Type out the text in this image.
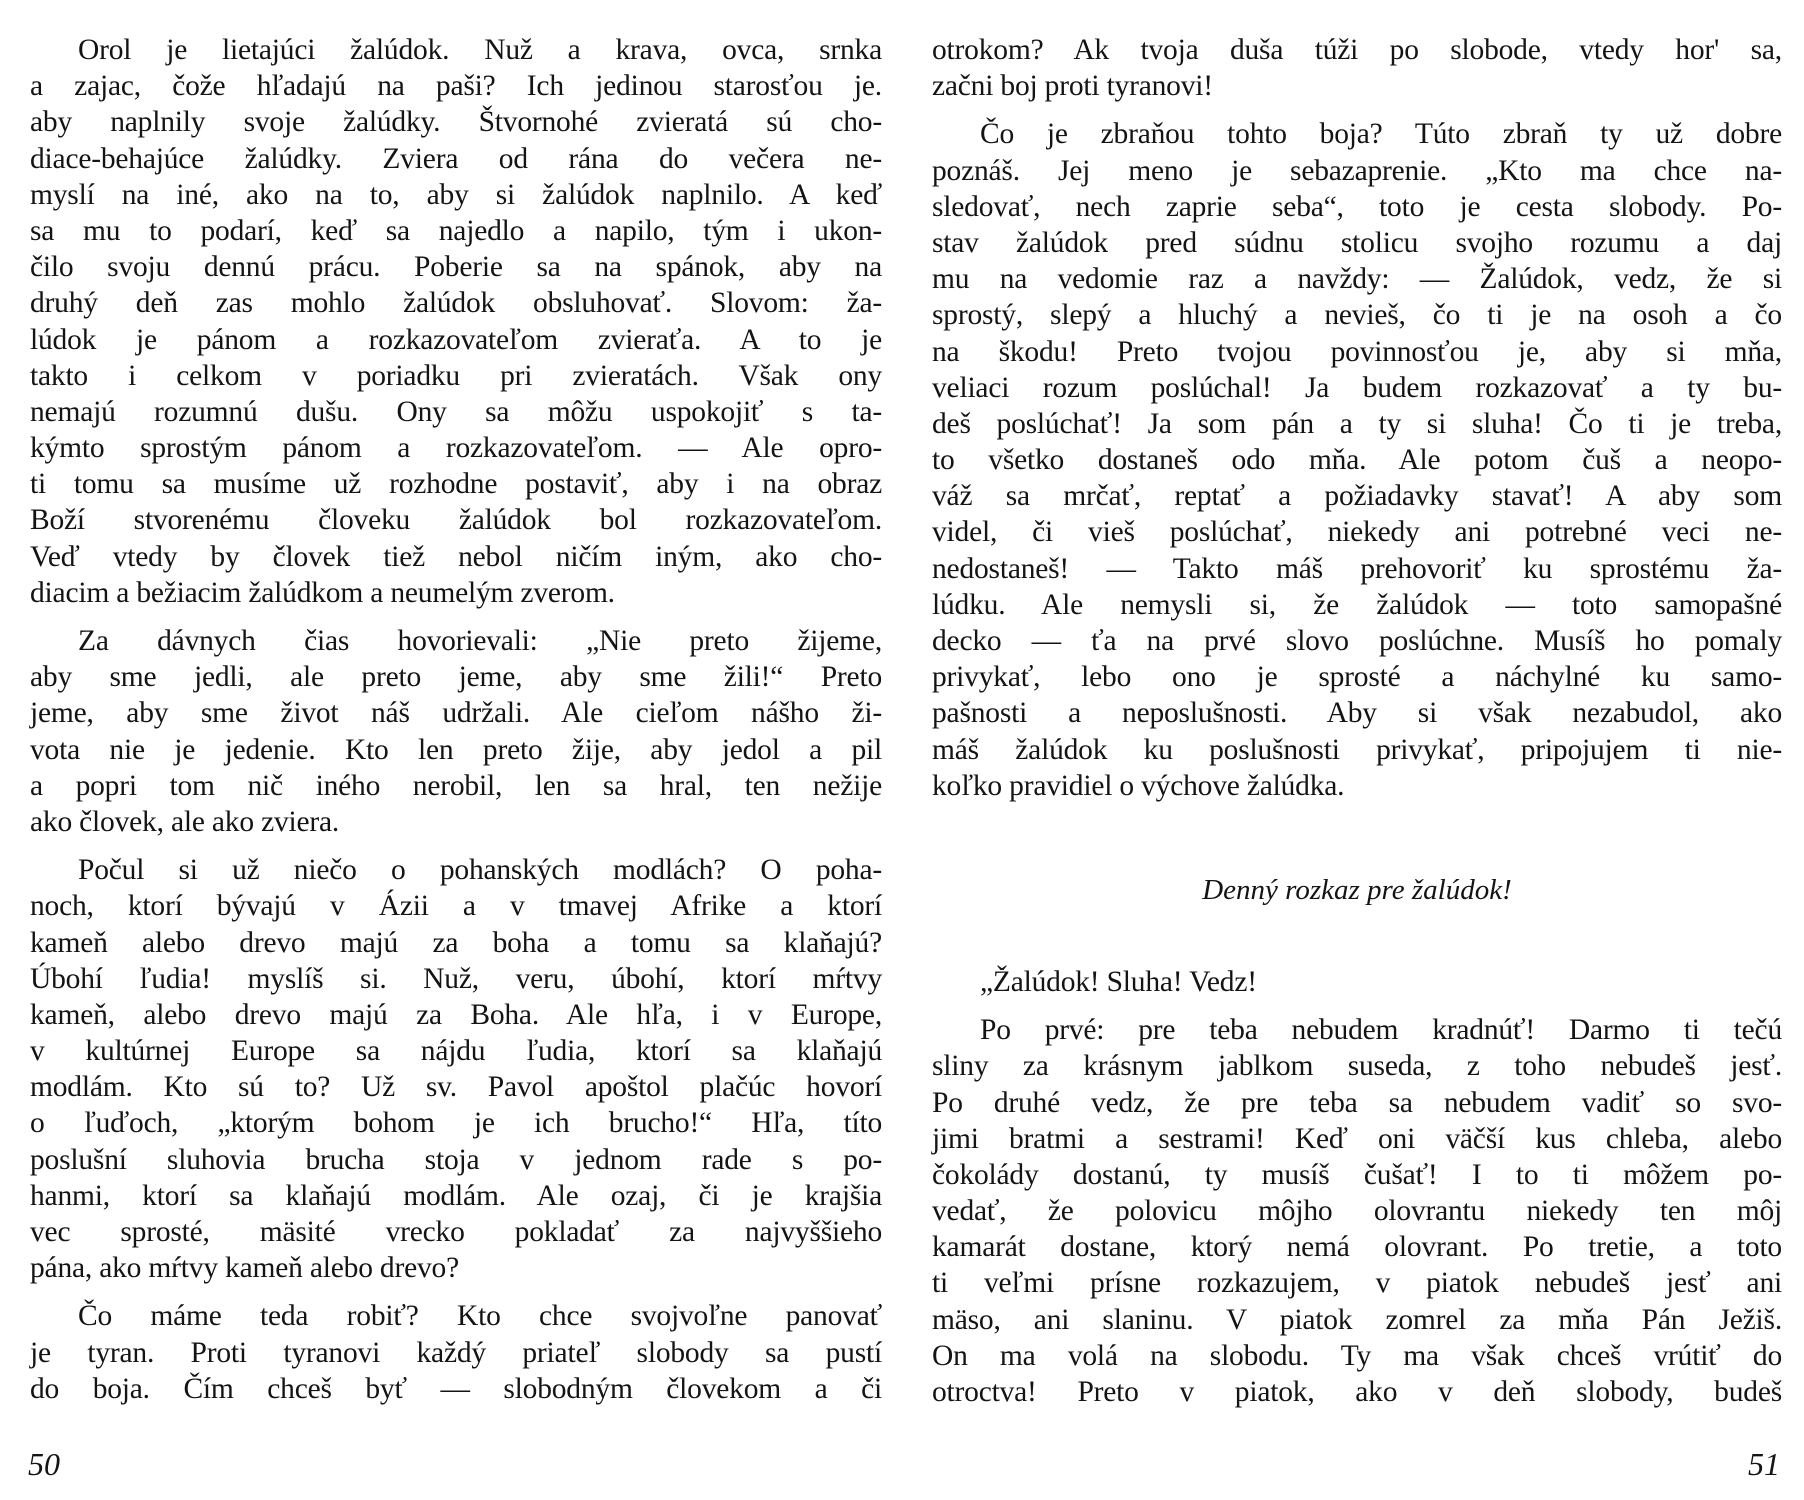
Orol je lietajúci žalúdok. Nuž a krava, ovca, srnka
a zajac, čože hľadajú na paši? Ich jedinou starosťou je.
aby naplnily svoje žalúdky. Štvornohé zvieratá sú cho-
diace-behajúce žalúdky. Zviera od rána do večera ne-
myslí na iné, ako na to, aby si žalúdok naplnilo. A keď
sa mu to podarí, keď sa najedlo a napilo, tým i ukon-
čilo svoju dennú prácu. Poberie sa na spánok, aby na
druhý deň zas mohlo žalúdok obsluhovať. Slovom: ža-
lúdok je pánom a rozkazovateľom zvieraťa. A to je
takto i celkom v poriadku pri zvieratách. Však ony
nemajú rozumnú dušu. Ony sa môžu uspokojiť s ta-
kýmto sprostým pánom a rozkazovateľom. — Ale opro-
ti tomu sa musíme už rozhodne postaviť, aby i na obraz
Boží stvorenému človeku žalúdok bol rozkazovateľom.
Veď vtedy by človek tiež nebol ničím iným, ako cho-
diacim a bežiacim žalúdkom a neumelým zverom.
Za dávnych čias hovorievali: „Nie preto žijeme,
aby sme jedli, ale preto jeme, aby sme žili!“ Preto
jeme, aby sme život náš udržali. Ale cieľom nášho ži-
vota nie je jedenie. Kto len preto žije, aby jedol a pil
a popri tom nič iného nerobil, len sa hral, ten nežije
ako človek, ale ako zviera.
Počul si už niečo o pohanských modlách? O poha-
noch, ktorí bývajú v Ázii a v tmavej Afrike a ktorí
kameň alebo drevo majú za boha a tomu sa klaňajú?
Úbohí ľudia! myslíš si. Nuž, veru, úbohí, ktorí mŕtvy
kameň, alebo drevo majú za Boha. Ale hľa, i v Europe,
v kultúrnej Europe sa nájdu ľudia, ktorí sa klaňajú
modlám. Kto sú to? Už sv. Pavol apoštol plačúc hovorí
o ľuďoch, „ktorým bohom je ich brucho!“ Hľa, títo
poslušní sluhovia brucha stoja v jednom rade s po-
hanmi, ktorí sa klaňajú modlám. Ale ozaj, či je krajšia
vec sprosté, mäsité vrecko pokladať za najvyššieho
pána, ako mŕtvy kameň alebo drevo?
Čo máme teda robiť? Kto chce svojvoľne panovať
je tyran. Proti tyranovi každý priateľ slobody sa pustí
do boja. Čím chceš byť — slobodným človekom a či
50
otrokom? Ak tvoja duša túži po slobode, vtedy hor' sa,
začni boj proti tyranovi!
Čo je zbraňou tohto boja? Túto zbraň ty už dobre
poznáš. Jej meno je sebazaprenie. „Kto ma chce na-
sledovať, nech zaprie seba“, toto je cesta slobody. Po-
stav žalúdok pred súdnu stolicu svojho rozumu a daj
mu na vedomie raz a navždy: — Žalúdok, vedz, že si
sprostý, slepý a hluchý a nevieš, čo ti je na osoh a čo
na škodu! Preto tvojou povinnosťou je, aby si mňa,
veliaci rozum poslúchal! Ja budem rozkazovať a ty bu-
deš poslúchať! Ja som pán a ty si sluha! Čo ti je treba,
to všetko dostaneš odo mňa. Ale potom čuš a neopo-
váž sa mrčať, reptať a požiadavky stavať! A aby som
videl, či vieš poslúchať, niekedy ani potrebné veci ne-
nedostaneš! — Takto máš prehovoriť ku sprostému ža-
lúdku. Ale nemysli si, že žalúdok — toto samopašné
decko — ťa na prvé slovo poslúchne. Musíš ho pomaly
privykať, lebo ono je sprosté a náchylné ku samo-
pašnosti a neposlušnosti. Aby si však nezabudol, ako
máš žalúdok ku poslušnosti privykať, pripojujem ti nie-
koľko pravidiel o výchove žalúdka.
Denný rozkaz pre žalúdok!
„Žalúdok! Sluha! Vedz!
Po prvé: pre teba nebudem kradnúť! Darmo ti tečú
sliny za krásnym jablkom suseda, z toho nebudeš jesť.
Po druhé vedz, že pre teba sa nebudem vadiť so svo-
jimi bratmi a sestrami! Keď oni väčší kus chleba, alebo
čokolády dostanú, ty musíš čušať! I to ti môžem po-
vedať, že polovicu môjho olovrantu niekedy ten môj
kamarát dostane, ktorý nemá olovrant. Po tretie, a toto
ti veľmi prísne rozkazujem, v piatok nebudeš jesť ani
mäso, ani slaninu. V piatok zomrel za mňa Pán Ježiš.
On ma volá na slobodu. Ty ma však chceš vrútiť do
otroctva! Preto v piatok, ako v deň slobody, budeš
51
